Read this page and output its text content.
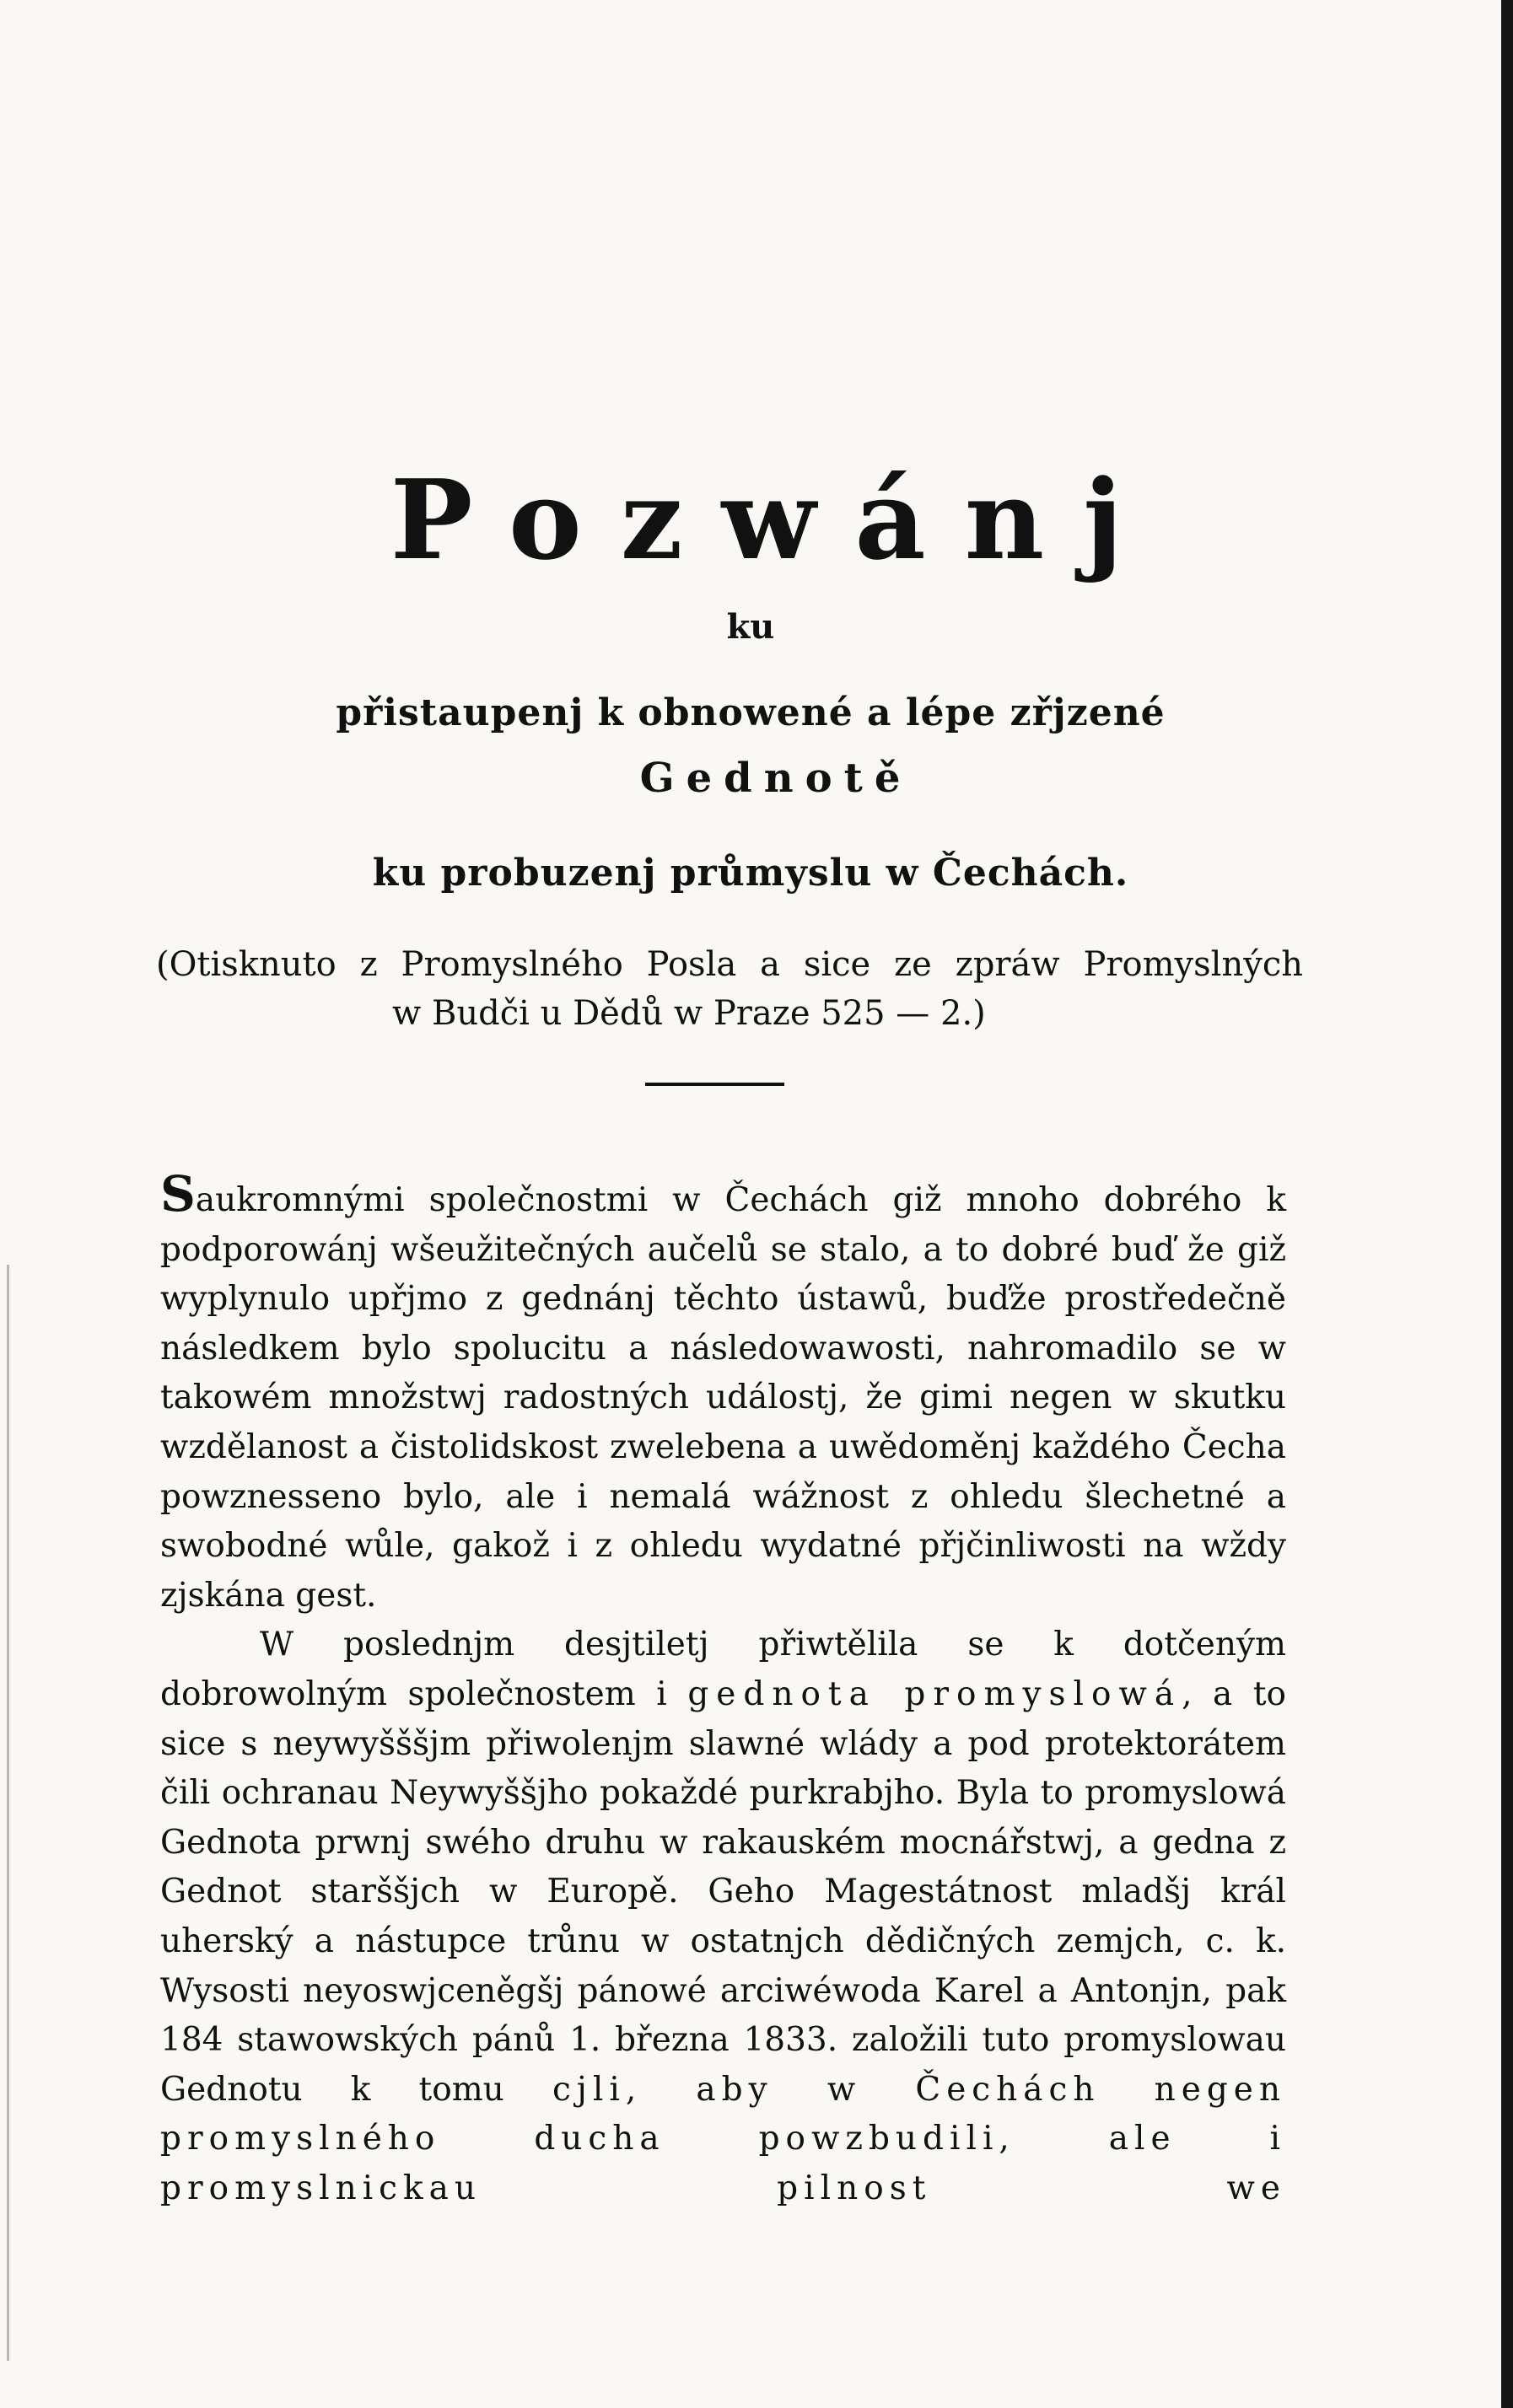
Pozwánj
ku
přistaupenj k obnowené a lépe zřjzené
Gednotě
ku probuzenj průmyslu w Čechách.
(Otisknuto z Promyslného Posla a sice ze zpráw Promyslných
w Budči u Dědů w Praze 525 — 2.)

Saukromnými společnostmi w Čechách giž mnoho dobrého k podporowánj wšeužitečných aučelů se stalo, a to dobré buď že giž wyplynulo upřjmo z gednánj těchto ústawů, buďže prostředečně následkem bylo spolucitu a následowawosti, nahromadilo se w takowém množstwj radostných událostj, že gimi negen w skutku wzdělanost a čistolidskost zwelebena a uwědoměnj každého Čecha powznesseno bylo, ale i nemalá wážnost z ohledu šlechetné a swobodné wůle, gakož i z ohledu wydatné přjčinliwosti na wždy zjskána gest.

W poslednjm desjtiletj přiwtělila se k dotčeným dobrowolným společnostem i gednota promyslowá, a to sice s neywyšššjm přiwolenjm slawné wlády a pod protektorátem čili ochranau Neywyššjho pokaždé purkrabjho. Byla to promyslowá Gednota prwnj swého druhu w rakauském mocnářstwj, a gedna z Gednot starššjch w Europě. Geho Magestátnost mladšj král uherský a nástupce trůnu w ostatnjch dědičných zemjch, c. k. Wysosti neyoswjceněgšj pánowé arciwéwoda Karel a Antonjn, pak 184 stawowských pánů 1. března 1833. založili tuto promyslowau Gednotu k tomu cjli, aby w Čechách negen promyslného ducha powzbudili, ale i promyslnickau pilnost we
